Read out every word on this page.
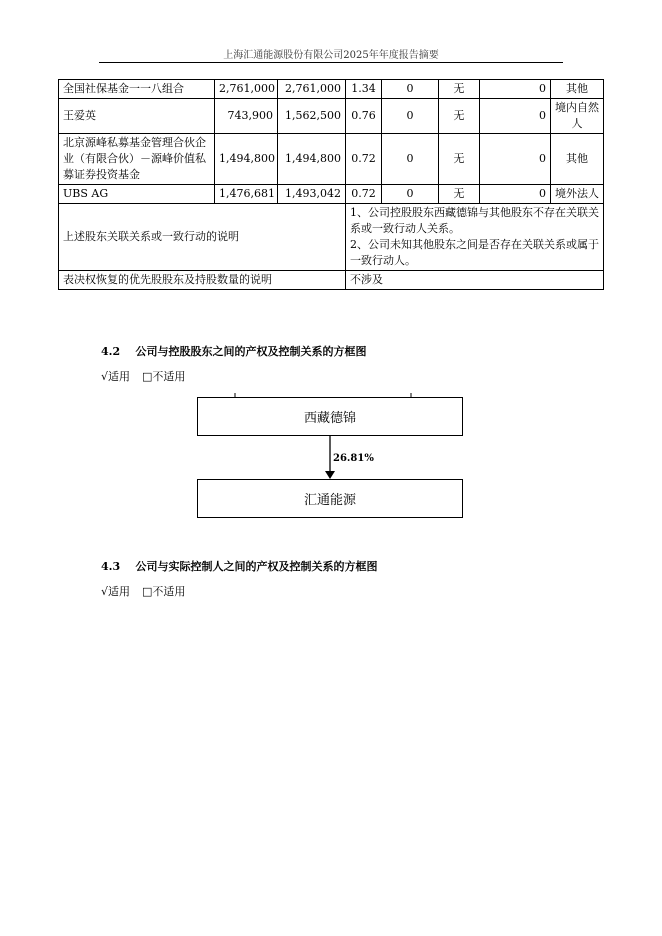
上海汇通能源股份有限公司2025年年度报告摘要
全国社保基金一一八组合	2,761,000	2,761,000	1.34	0	无	0	其他
王爱英	743,900	1,562,500	0.76	0	无	0	境内自然人
北京源峰私募基金管理合伙企业（有限合伙）－源峰价值私募证券投资基金	1,494,800	1,494,800	0.72	0	无	0	其他
UBS AG	1,476,681	1,493,042	0.72	0	无	0	境外法人
上述股东关联关系或一致行动的说明			1、公司控股股东西藏德锦与其他股东不存在关联关系或一致行动人关系。
2、公司未知其他股东之间是否存在关联关系或属于一致行动人。				

表决权恢复的优先股股东及持股数量的说明			不涉及				
4.2 公司与控股股东之间的产权及控制关系的方框图
√适用 □不适用
西藏德锦
26.81%
汇通能源
4.3 公司与实际控制人之间的产权及控制关系的方框图
√适用 □不适用
